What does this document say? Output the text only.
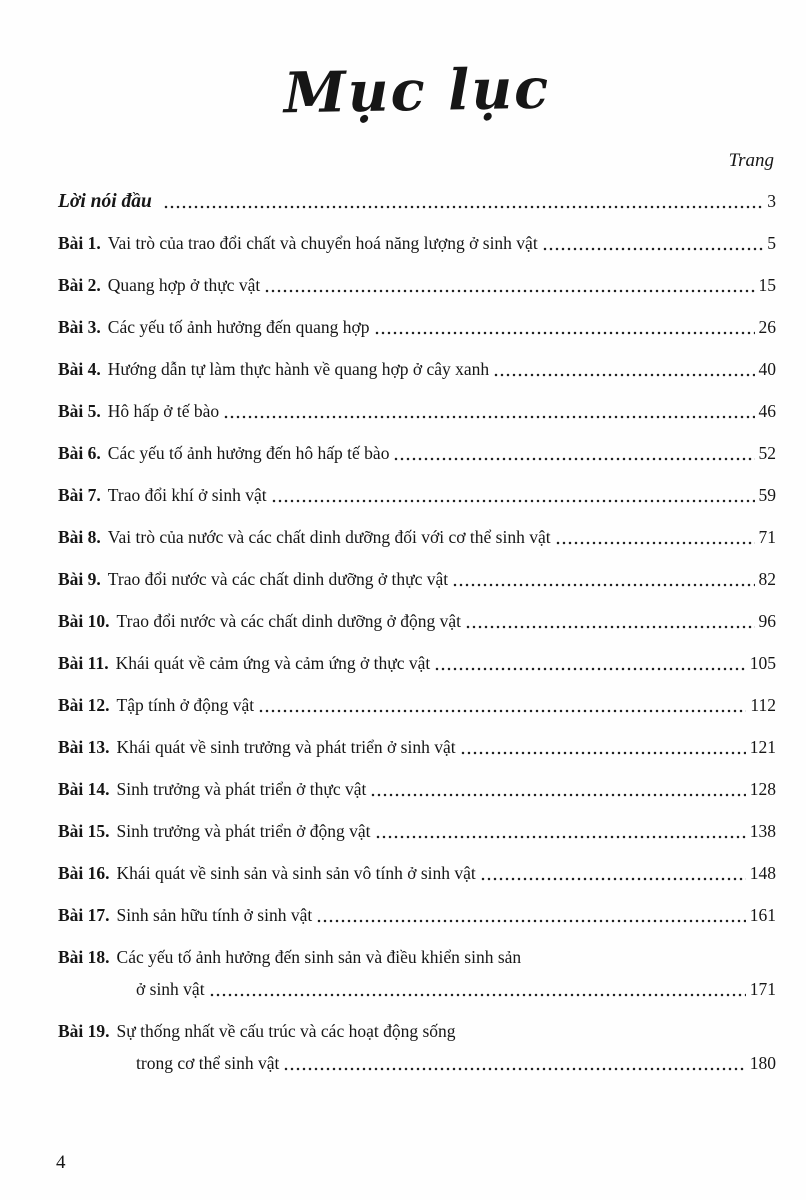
Mục lục
Trang
Lời nói đầu	3
Bài 1. Vai trò của trao đổi chất và chuyển hoá năng lượng ở sinh vật	5
Bài 2. Quang hợp ở thực vật	15
Bài 3. Các yếu tố ảnh hưởng đến quang hợp	26
Bài 4. Hướng dẫn tự làm thực hành về quang hợp ở cây xanh	40
Bài 5. Hô hấp ở tế bào	46
Bài 6. Các yếu tố ảnh hưởng đến hô hấp tế bào	52
Bài 7. Trao đổi khí ở sinh vật	59
Bài 8. Vai trò của nước và các chất dinh dưỡng đối với cơ thể sinh vật	71
Bài 9. Trao đổi nước và các chất dinh dưỡng ở thực vật	82
Bài 10. Trao đổi nước và các chất dinh dưỡng ở động vật	96
Bài 11. Khái quát về cảm ứng và cảm ứng ở thực vật	105
Bài 12. Tập tính ở động vật	112
Bài 13. Khái quát về sinh trưởng và phát triển ở sinh vật	121
Bài 14. Sinh trưởng và phát triển ở thực vật	128
Bài 15. Sinh trưởng và phát triển ở động vật	138
Bài 16. Khái quát về sinh sản và sinh sản vô tính ở sinh vật	148
Bài 17. Sinh sản hữu tính ở sinh vật	161
Bài 18. Các yếu tố ảnh hưởng đến sinh sản và điều khiển sinh sản
ở sinh vật	171
Bài 19. Sự thống nhất về cấu trúc và các hoạt động sống
trong cơ thể sinh vật	180
4
